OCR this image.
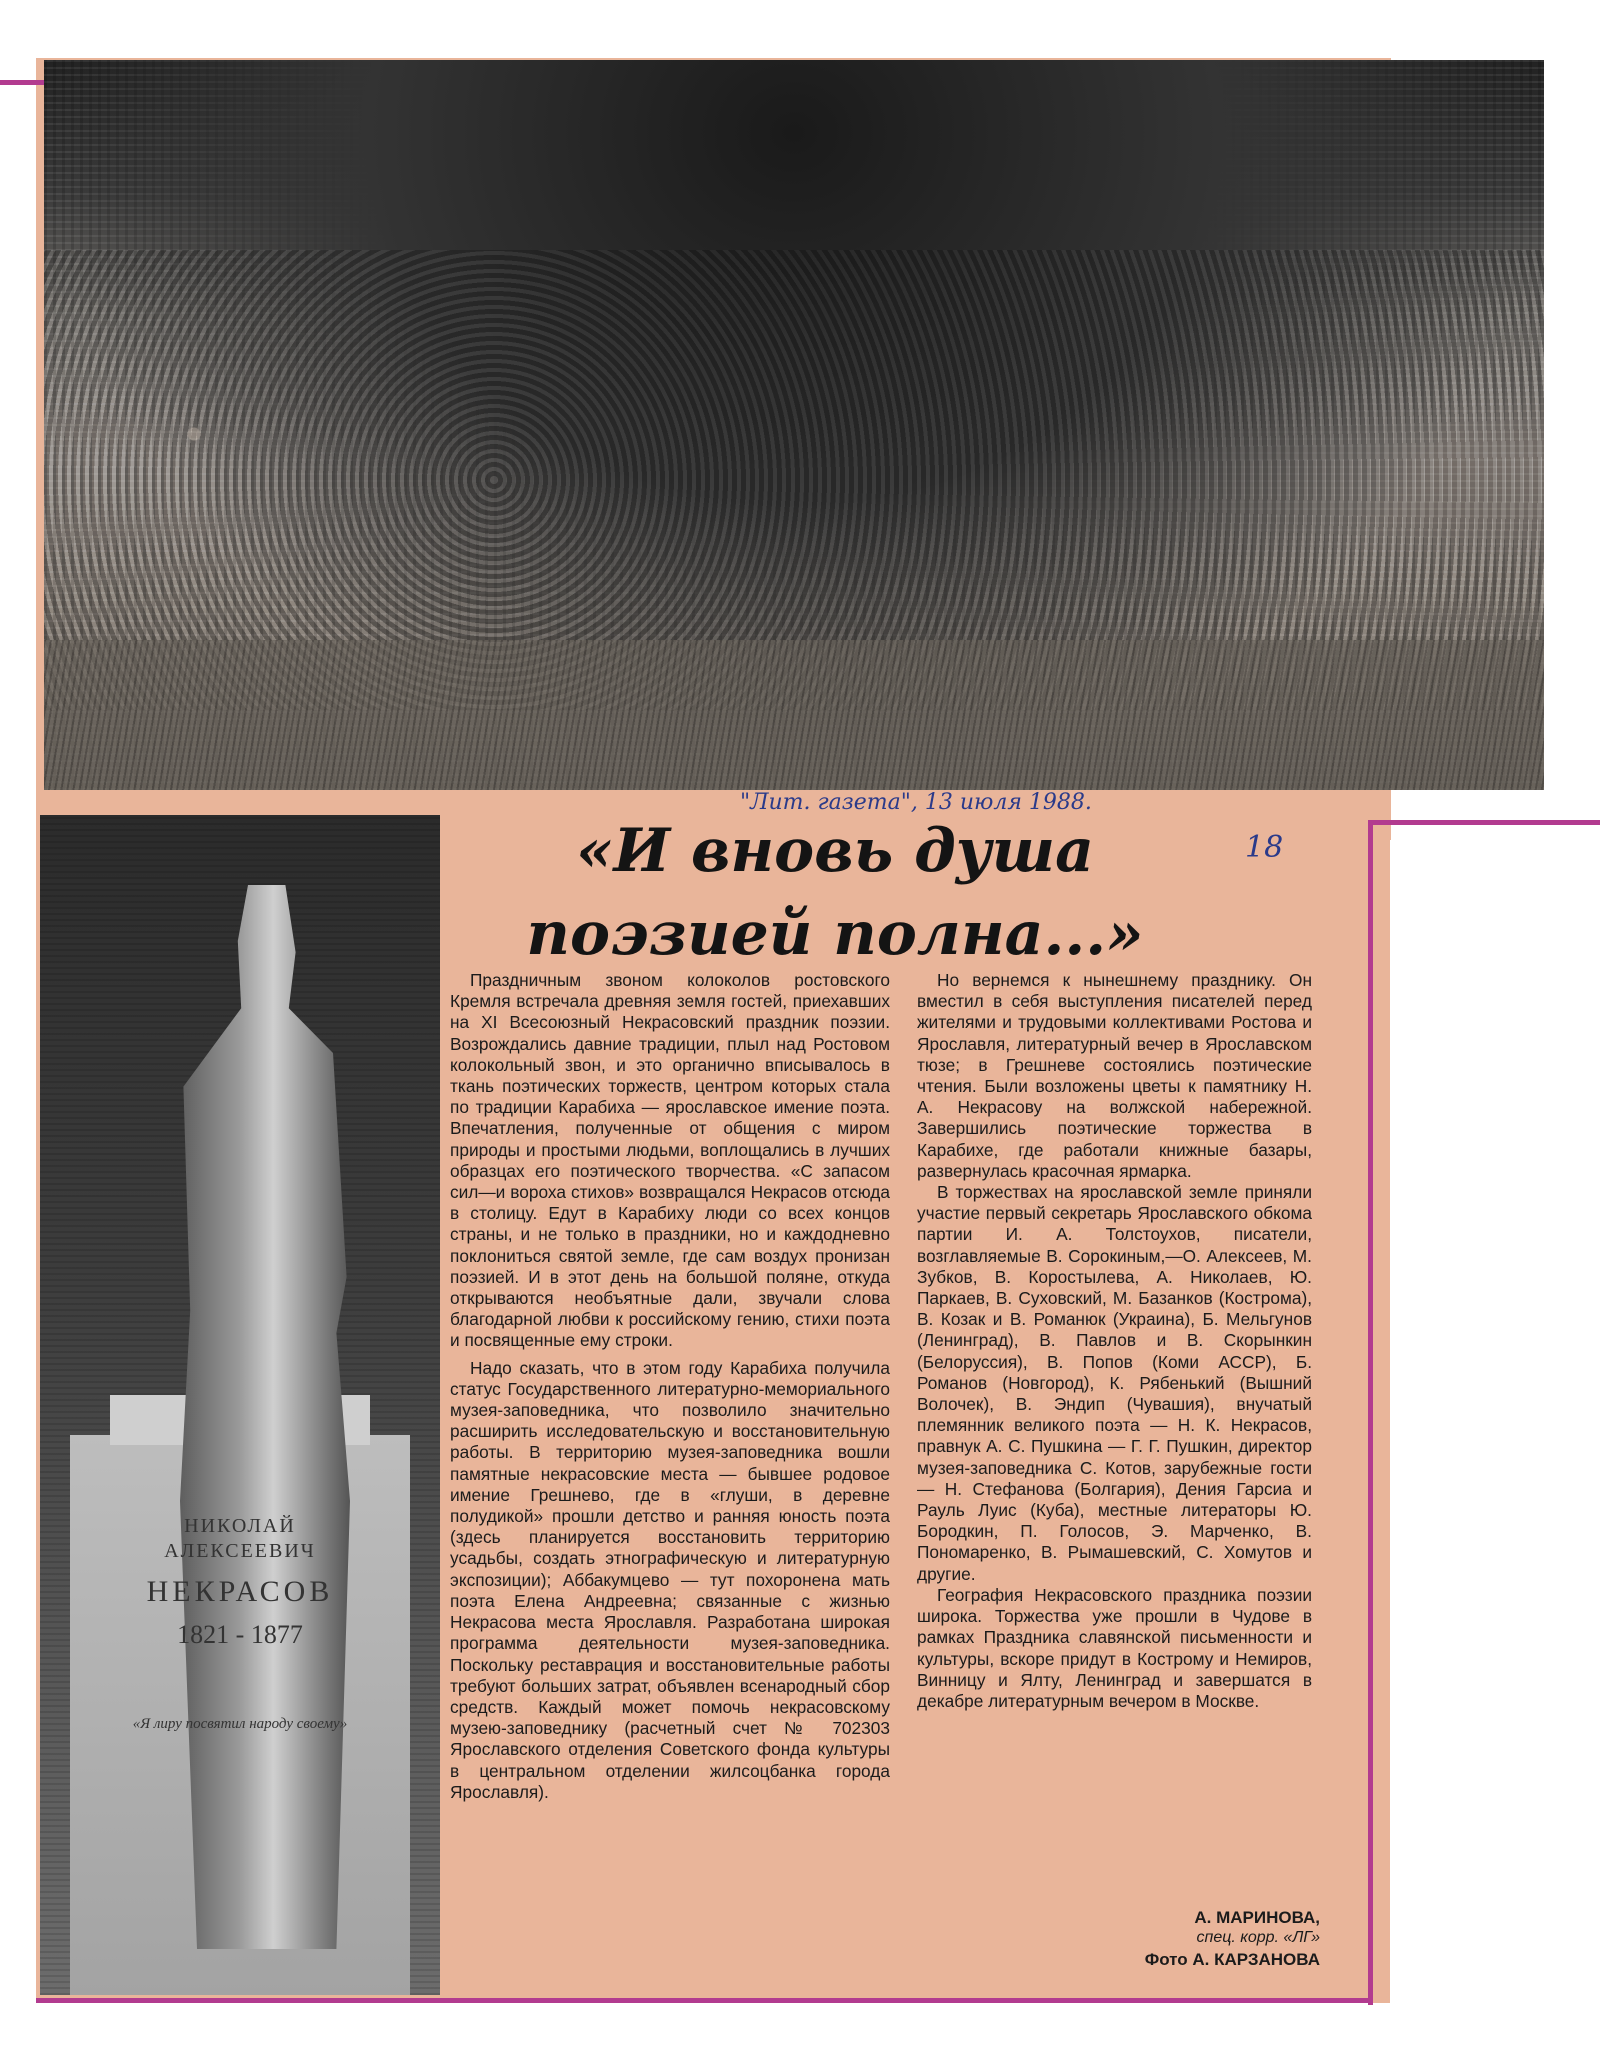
НИКОЛАЙ
АЛЕКСЕЕВИЧ
НЕКРАСОВ
1821 - 1877
«Я лиру посвятил народу своему»
"Лит. газета", 13 июля 1988.
18
«И вновь душа
поэзией полна...»

Праздничным звоном колоколов ростовского Кремля встречала древняя земля гостей, приехавших на XI Всесоюзный Некрасовский праздник поэзии. Возрождались давние традиции, плыл над Ростовом колокольный звон, и это органично вписывалось в ткань поэтических торжеств, центром которых стала по традиции Карабиха — ярославское имение поэта. Впечатления, полученные от общения с миром природы и простыми людьми, воплощались в лучших образцах его поэтического творчества. «С запасом сил—и вороха стихов» возвращался Некрасов отсюда в столицу. Едут в Карабиху люди со всех концов страны, и не только в праздники, но и каждодневно поклониться святой земле, где сам воздух пронизан поэзией. И в этот день на большой поляне, откуда открываются необъятные дали, звучали слова благодарной любви к российскому гению, стихи поэта и посвященные ему строки.

Надо сказать, что в этом году Карабиха получила статус Государственного литературно-мемориального музея-заповедника, что позволило значительно расширить исследовательскую и восстановительную работы. В территорию музея-заповедника вошли памятные некрасовские места — бывшее родовое имение Грешнево, где в «глуши, в деревне полудикой» прошли детство и ранняя юность поэта (здесь планируется восстановить территорию усадьбы, создать этнографическую и литературную экспозиции); Аббакумцево — тут похоронена мать поэта Елена Андреевна; связанные с жизнью Некрасова места Ярославля. Разработана широкая программа деятельности музея-заповедника. Поскольку реставрация и восстановительные работы требуют больших затрат, объявлен всенародный сбор средств. Каждый может помочь некрасовскому музею-заповеднику (расчетный счет № 702303 Ярославского отделения Советского фонда культуры в центральном отделении жилсоцбанка города Ярославля).

Но вернемся к нынешнему празднику. Он вместил в себя выступления писателей перед жителями и трудовыми коллективами Ростова и Ярославля, литературный вечер в Ярославском тюзе; в Грешневе состоялись поэтические чтения. Были возложены цветы к памятнику Н. А. Некрасову на волжской набережной. Завершились поэтические торжества в Карабихе, где работали книжные базары, развернулась красочная ярмарка.

В торжествах на ярославской земле приняли участие первый секретарь Ярославского обкома партии И. А. Толстоухов, писатели, возглавляемые В. Сорокиным,—О. Алексеев, М. Зубков, В. Коростылева, А. Николаев, Ю. Паркаев, В. Суховский, М. Базанков (Кострома), В. Козак и В. Романюк (Украина), Б. Мельгунов (Ленинград), В. Павлов и В. Скорынкин (Белоруссия), В. Попов (Коми АССР), Б. Романов (Новгород), К. Рябенький (Вышний Волочек), В. Эндип (Чувашия), внучатый племянник великого поэта — Н. К. Некрасов, правнук А. С. Пушкина — Г. Г. Пушкин, директор музея-заповедника С. Котов, зарубежные гости — Н. Стефанова (Болгария), Дения Гарсиа и Рауль Луис (Куба), местные литераторы Ю. Бородкин, П. Голосов, Э. Марченко, В. Пономаренко, В. Рымашевский, С. Хомутов и другие.

География Некрасовского праздника поэзии широка. Торжества уже прошли в Чудове в рамках Праздника славянской письменности и культуры, вскоре придут в Кострому и Немиров, Винницу и Ялту, Ленинград и завершатся в декабре литературным вечером в Москве.

А. МАРИНОВА,
спец. корр. «ЛГ»
Фото А. КАРЗАНОВА
